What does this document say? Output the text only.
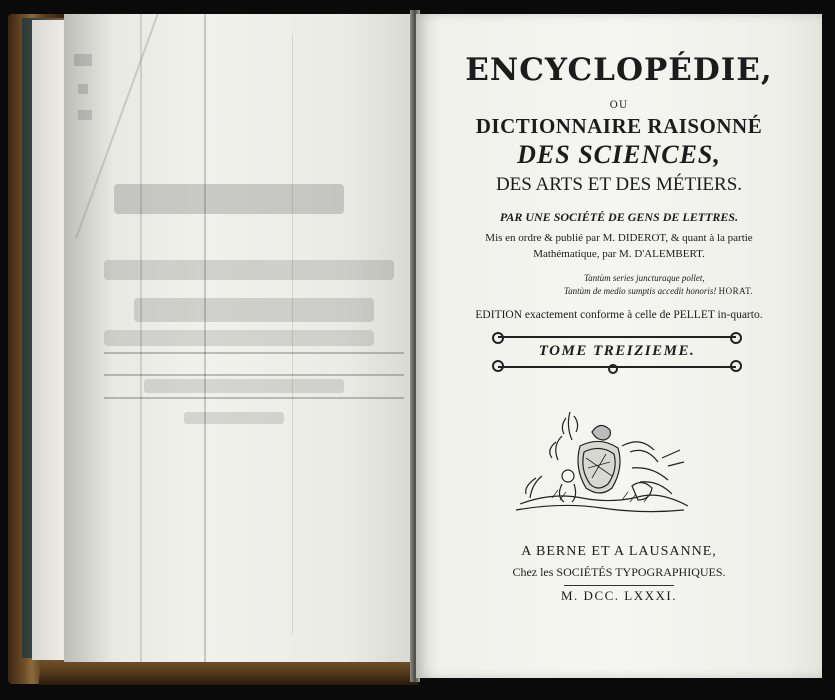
ENCYCLOPÉDIE,
OU
DICTIONNAIRE RAISONNÉ
DES SCIENCES,
DES ARTS ET DES MÉTIERS.
PAR UNE SOCIÉTÉ DE GENS DE LETTRES.
Mis en ordre & publié par M. DIDEROT, & quant à la partie
Mathématique, par M. D'ALEMBERT.
Tantùm series juncturaque pollet,
Tantùm de medio sumptis accedit honoris! HORAT.
EDITION exactement conforme à celle de PELLET in-quarto.
TOME TREIZIEME.
A BERNE ET A LAUSANNE,
Chez les SOCIÉTÉS TYPOGRAPHIQUES.
M. DCC. LXXXI.
